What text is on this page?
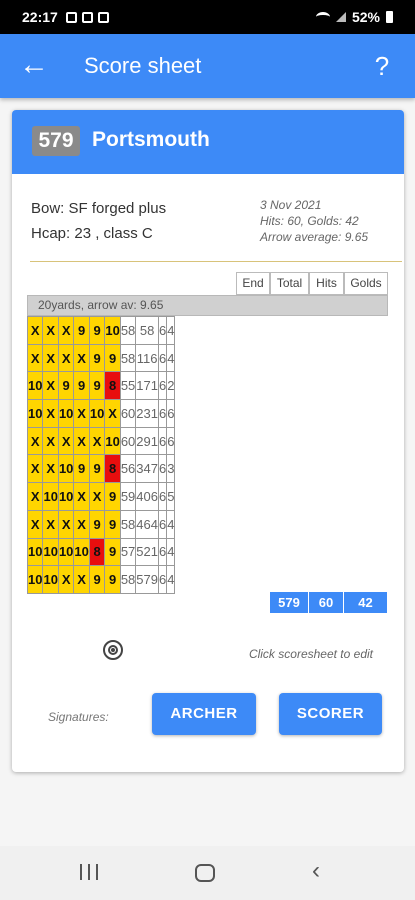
22:17	52%
← Score sheet	?
579 Portsmouth
Bow: SF forged plus
Hcap: 23 , class C
3 Nov 2021
Hits: 60, Golds: 42
Arrow average: 9.65
End	Total	Hits	Golds
20yards, arrow av: 9.65
X	X	X	9	9	10	58	58	6	4
X	X	X	X	9	9	58	116	6	4
10	X	9	9	9	8	55	171	6	2
10	X	10	X	10	X	60	231	6	6
X	X	X	X	X	10	60	291	6	6
X	X	10	9	9	8	56	347	6	3
X	10	10	X	X	9	59	406	6	5
X	X	X	X	9	9	58	464	6	4
10	10	10	10	8	9	57	521	6	4
10	10	X	X	9	9	58	579	6	4
579	60	42
Click scoresheet to edit
Signatures:	ARCHER	SCORER
‹
